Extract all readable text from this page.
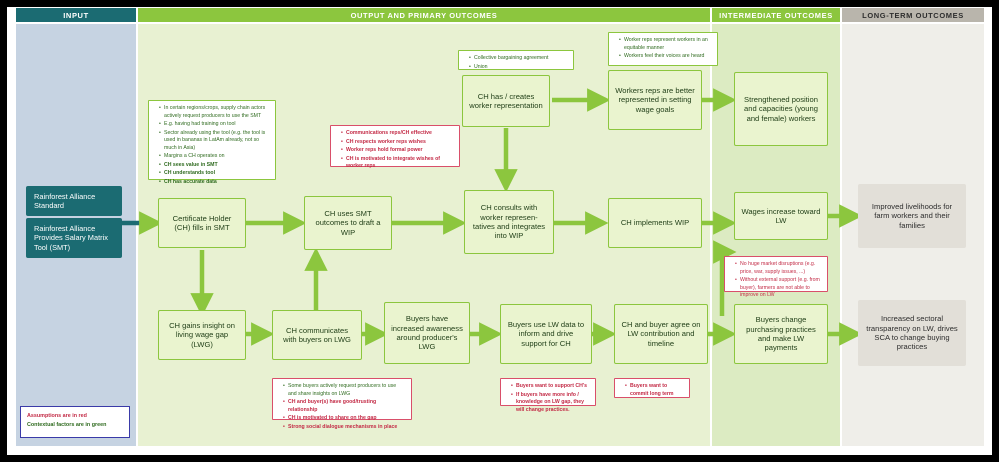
INPUT	OUTPUT AND PRIMARY OUTCOMES	INTERMEDIATE OUTCOMES	LONG-TERM OUTCOMES
Rainforest Alliance Standard
Rainforest Alliance Provides Salary Matrix Tool (SMT)
Certificate Holder (CH) fills in SMT
CH uses SMT outcomes to draft a WIP
CH has / creates worker representation
CH consults with worker represen-tatives and integrates into WIP
Workers reps are better represented in setting wage goals
CH implements WIP
Strengthened position and capacities (young and female) workers
Wages increase toward LW
Improved livelihoods for farm workers and their families
CH gains insight on living wage gap (LWG)
CH communicates with buyers on LWG
Buyers have increased awareness around producer's LWG
Buyers use LW data to inform and drive support for CH
CH and buyer agree on LW contribution and timeline
Buyers change purchasing practices and make LW payments
Increased sectoral transparency on LW, drives SCA to change buying practices
• In certain regions/crops, supply chain actors actively request producers to use the SMT
• E.g. having had training on tool
• Sector already using the tool (e.g. the tool is used in bananas in LatAm already, not so much in Asia)
• Margins a CH operates on
• CH sees value in SMT
• CH understands tool
• CH has accurate data
• Communications reps/CH effective
• CH respects worker reps wishes
• Worker reps hold formal power
• CH is motivated to integrate wishes of worker reps
• Collective bargaining agreement
• Union
• Worker reps represent workers in an equitable manner
• Workers feel their voices are heard
• No huge market disruptions (e.g. price, war, supply issues, ...)
• Without external support (e.g. from buyer), farmers are not able to improve on LW
• Some buyers actively request producers to use and share insights on LWG
• CH and buyer(s) have good/trusting relationship
• CH is motivated to share on the gap
• Strong social dialogue mechanisms in place
• Buyers want to support CH's
• If buyers have more info / knowledge on LW gap, they will change practices.
• Buyers want to commit long term
Assumptions are in red
Contextual factors are in green
